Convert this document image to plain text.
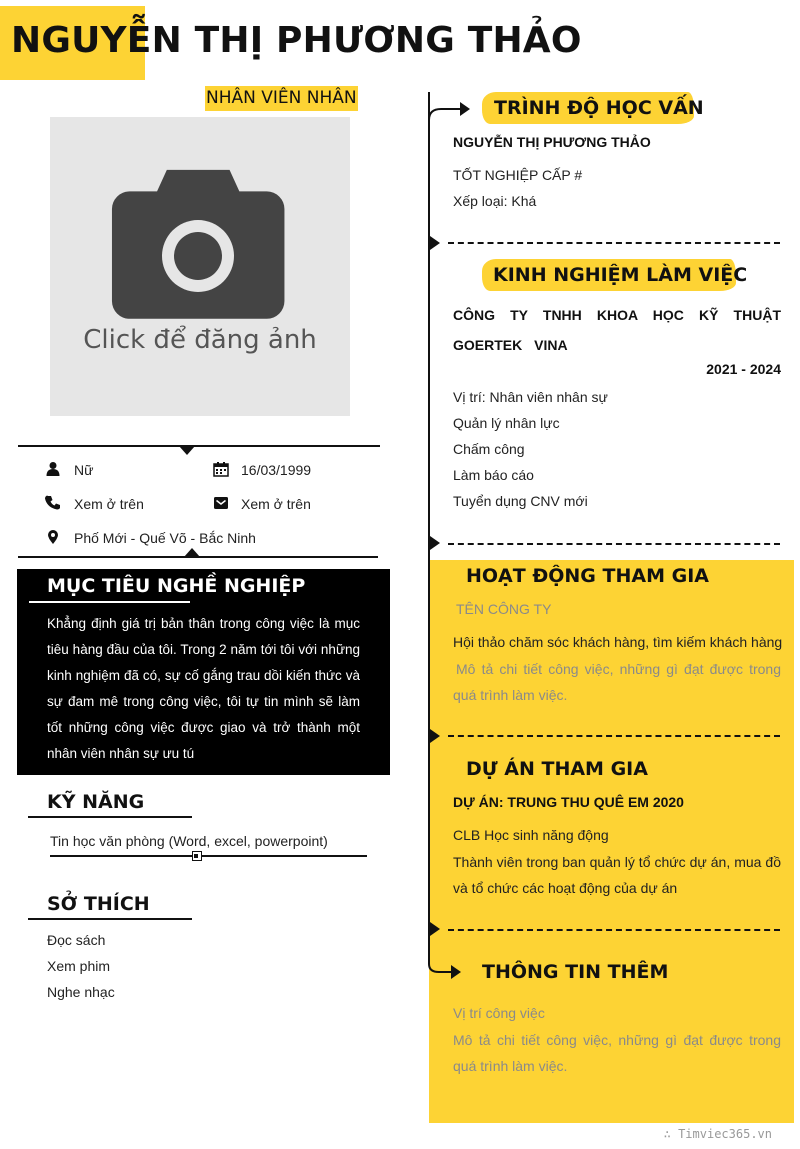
NGUYỄN THỊ PHƯƠNG THẢO
NHÂN VIÊN NHÂN
Click để đăng ảnh
Nữ	16/03/1999
Xem ở trên	Xem ở trên
Phố Mới - Quế Võ - Bắc Ninh
MỤC TIÊU NGHỀ NGHIỆP
Khẳng định giá trị bản thân trong công việc là mục tiêu hàng đầu của tôi. Trong 2 năm tới tôi với những kinh nghiệm đã có, sự cố gắng trau dồi kiến thức và sự đam mê trong công việc, tôi tự tin mình sẽ làm tốt những công việc được giao và trở thành một nhân viên nhân sự ưu tú
KỸ NĂNG
Tin học văn phòng (Word, excel, powerpoint)
SỞ THÍCH
Đọc sách
Xem phim
Nghe nhạc
TRÌNH ĐỘ HỌC VẤN
NGUYỄN THỊ PHƯƠNG THẢO
TỐT NGHIỆP CẤP #
Xếp loại: Khá
KINH NGHIỆM LÀM VIỆC
CÔNG TY TNHH KHOA HỌC KỸ THUẬT GOERTEK VINA
2021 - 2024
Vị trí: Nhân viên nhân sự
Quản lý nhân lực
Chấm công
Làm báo cáo
Tuyển dụng CNV mới
HOẠT ĐỘNG THAM GIA
TÊN CÔNG TY
Hội thảo chăm sóc khách hàng, tìm kiếm khách hàng
Mô tả chi tiết công việc, những gì đạt được trong quá trình làm việc.
DỰ ÁN THAM GIA
DỰ ÁN: TRUNG THU QUÊ EM 2020
CLB Học sinh năng động
Thành viên trong ban quản lý tổ chức dự án, mua đồ và tổ chức các hoạt động của dự án
THÔNG TIN THÊM
Vị trí công việc
Mô tả chi tiết công việc, những gì đạt được trong quá trình làm việc.
∴ Timviec365.vn
